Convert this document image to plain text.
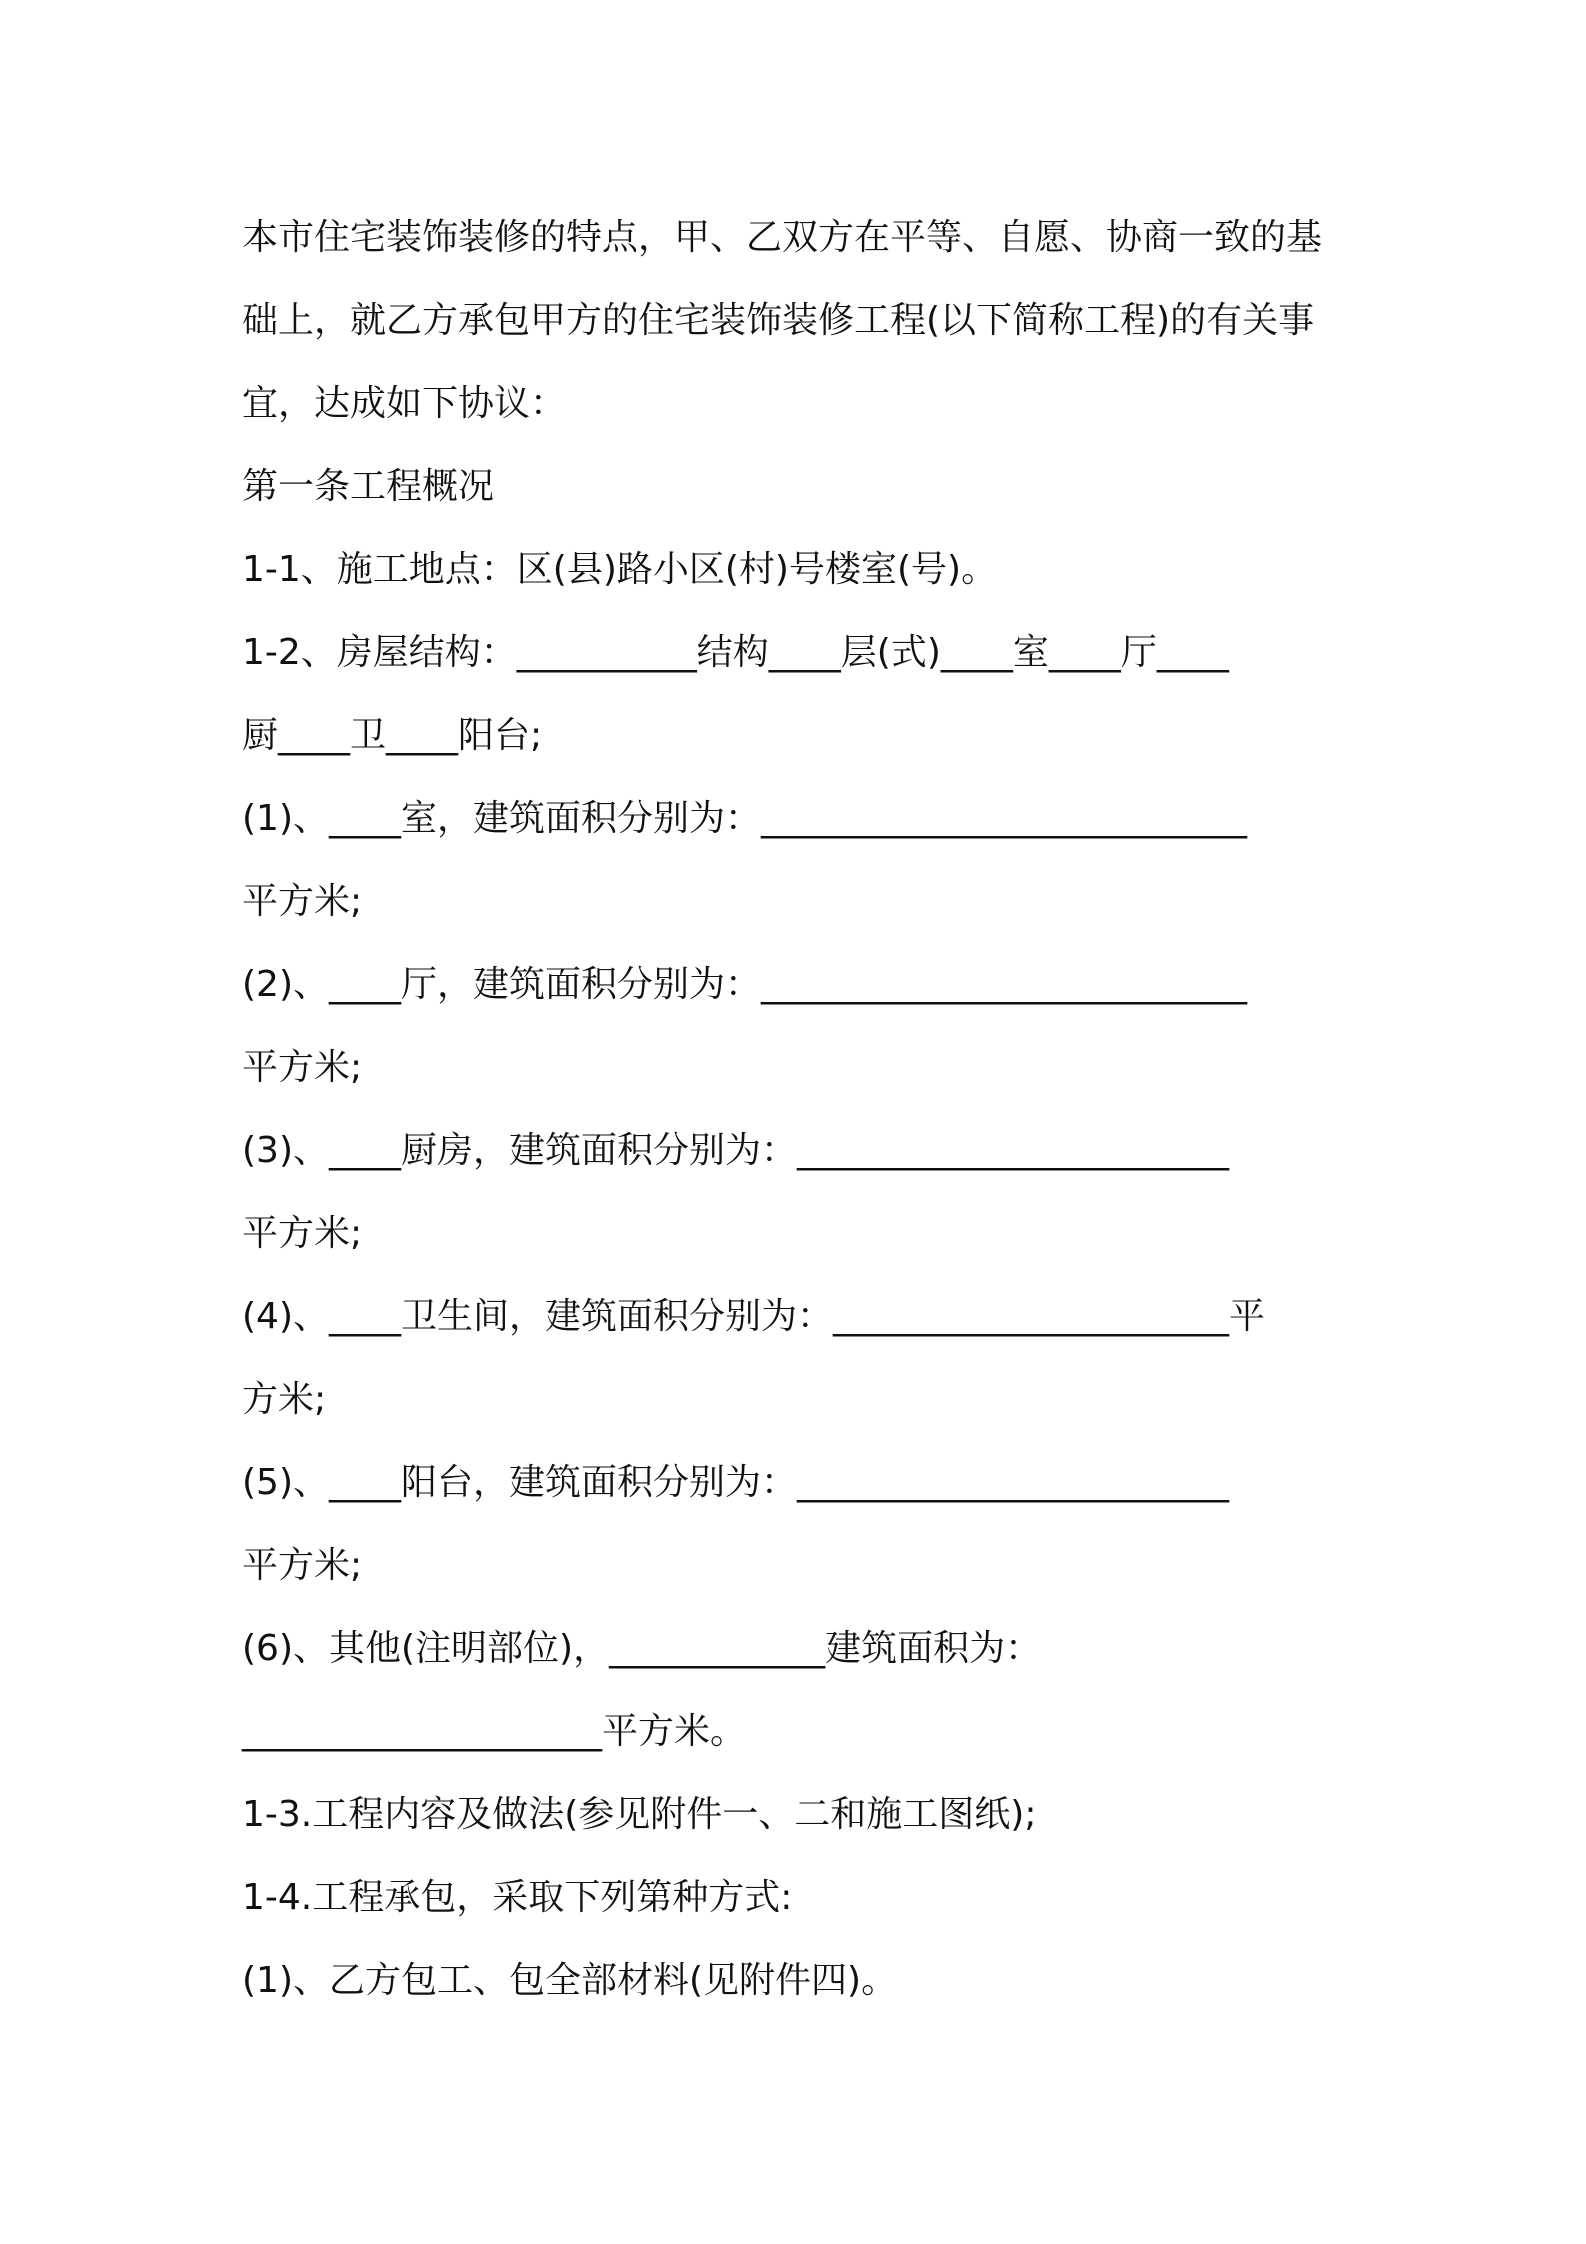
本市住宅装饰装修的特点，甲、乙双方在平等、自愿、协商一致的基
础上，就乙方承包甲方的住宅装饰装修工程(以下简称工程)的有关事
宜，达成如下协议：
第一条工程概况
1-1、施工地点：区(县)路小区(村)号楼室(号)。
1-2、房屋结构：__________结构____层(式)____室____厅____
厨____卫____阳台;
(1)、____室，建筑面积分别为：___________________________
平方米;
(2)、____厅，建筑面积分别为：___________________________
平方米;
(3)、____厨房，建筑面积分别为：________________________
平方米;
(4)、____卫生间，建筑面积分别为：______________________平
方米;
(5)、____阳台，建筑面积分别为：________________________
平方米;
(6)、其他(注明部位)，____________建筑面积为：
____________________平方米。
1-3.工程内容及做法(参见附件一、二和施工图纸);
1-4.工程承包，采取下列第种方式:
(1)、乙方包工、包全部材料(见附件四)。
